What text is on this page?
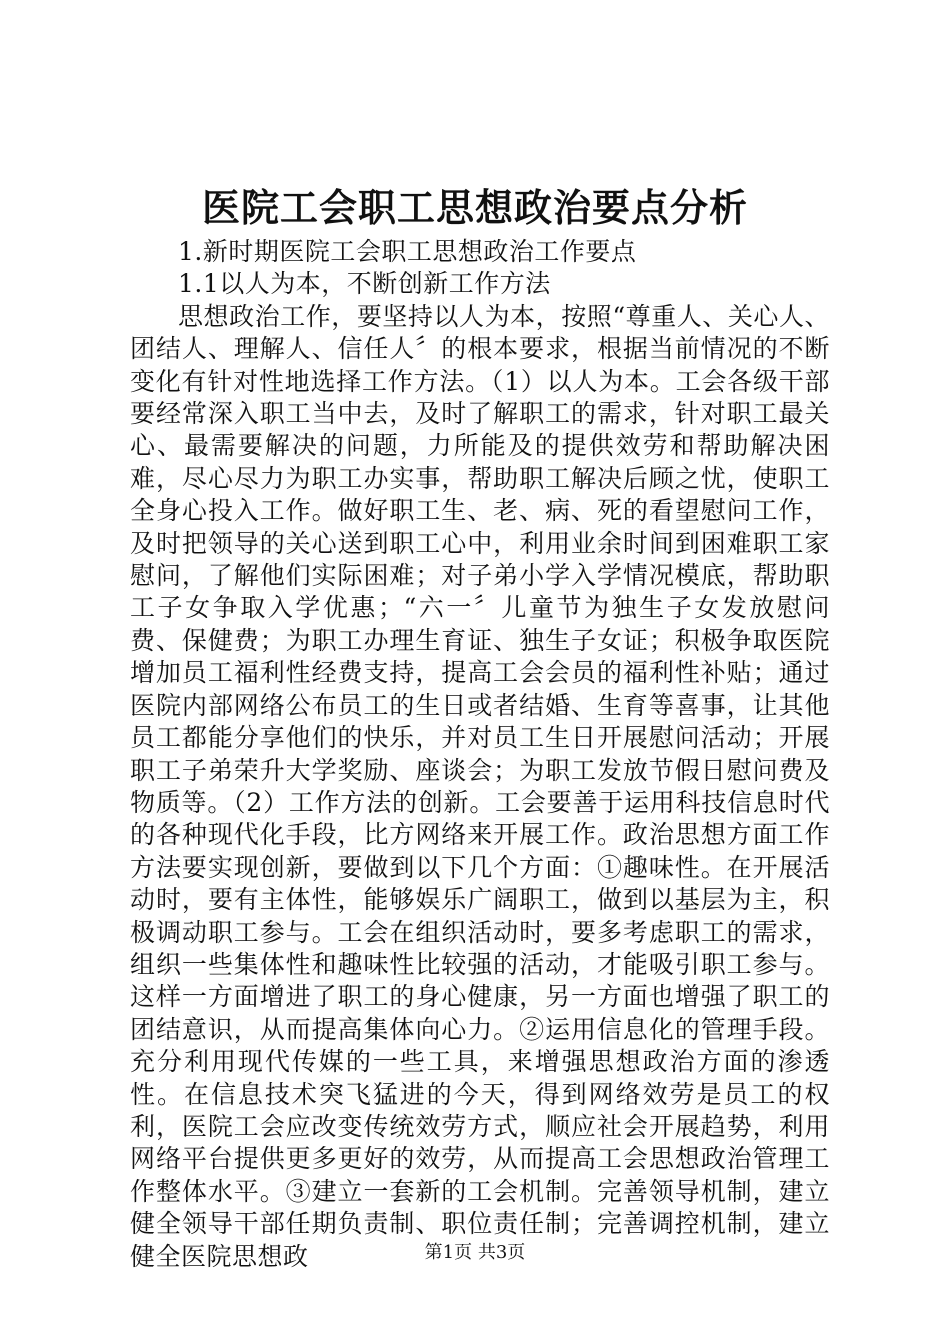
医院工会职工思想政治要点分析

1.新时期医院工会职工思想政治工作要点

1.1以人为本，不断创新工作方法

思想政治工作，要坚持以人为本，按照“尊重人、关心人、团结人、理解人、信任人〞的根本要求，根据当前情况的不断变化有针对性地选择工作方法。（1）以人为本。工会各级干部要经常深入职工当中去，及时了解职工的需求，针对职工最关心、最需要解决的问题，力所能及的提供效劳和帮助解决困难，尽心尽力为职工办实事，帮助职工解决后顾之忧，使职工全身心投入工作。做好职工生、老、病、死的看望慰问工作，及时把领导的关心送到职工心中，利用业余时间到困难职工家慰问，了解他们实际困难；对子弟小学入学情况模底，帮助职工子女争取入学优惠；“六一〞儿童节为独生子女发放慰问费、保健费；为职工办理生育证、独生子女证；积极争取医院增加员工福利性经费支持，提高工会会员的福利性补贴；通过医院内部网络公布员工的生日或者结婚、生育等喜事，让其他员工都能分享他们的快乐，并对员工生日开展慰问活动；开展职工子弟荣升大学奖励、座谈会；为职工发放节假日慰问费及物质等。（2）工作方法的创新。工会要善于运用科技信息时代的各种现代化手段，比方网络来开展工作。政治思想方面工作方法要实现创新，要做到以下几个方面：①趣味性。在开展活动时，要有主体性，能够娱乐广阔职工，做到以基层为主，积极调动职工参与。工会在组织活动时，要多考虑职工的需求，组织一些集体性和趣味性比较强的活动，才能吸引职工参与。这样一方面增进了职工的身心健康，另一方面也增强了职工的团结意识，从而提高集体向心力。②运用信息化的管理手段。充分利用现代传媒的一些工具，来增强思想政治方面的渗透性。在信息技术突飞猛进的今天，得到网络效劳是员工的权利，医院工会应改变传统效劳方式，顺应社会开展趋势，利用网络平台提供更多更好的效劳，从而提高工会思想政治管理工作整体水平。③建立一套新的工会机制。完善领导机制，建立健全领导干部任期负责制、职位责任制；完善调控机制，建立健全医院思想政	第1页 共3页
